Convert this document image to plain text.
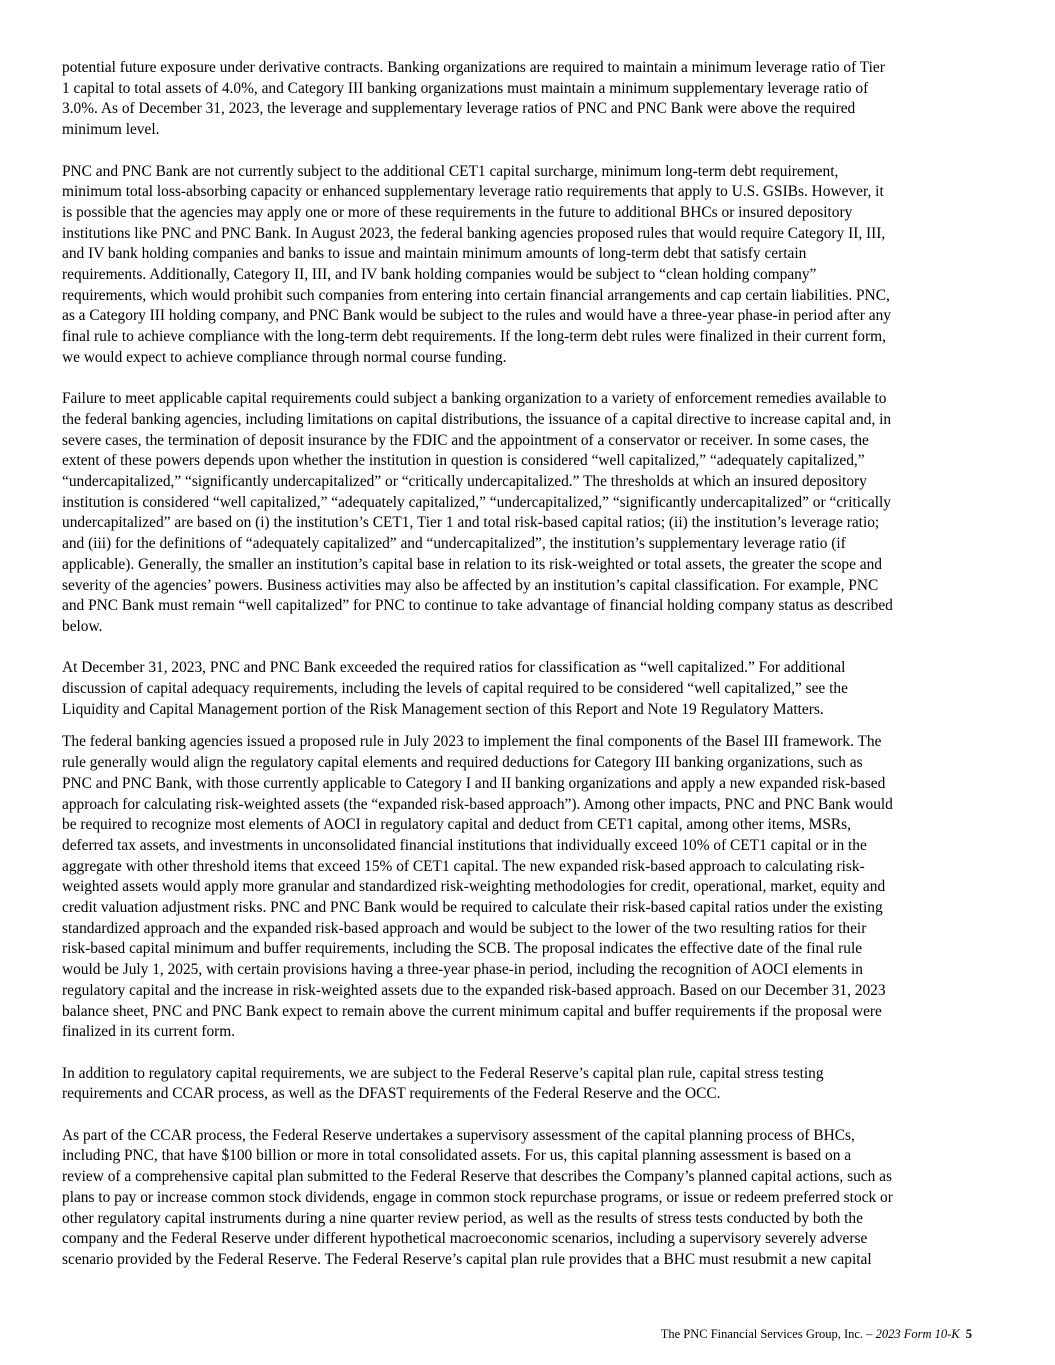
potential future exposure under derivative contracts. Banking organizations are required to maintain a minimum leverage ratio of Tier
1 capital to total assets of 4.0%, and Category III banking organizations must maintain a minimum supplementary leverage ratio of
3.0%. As of December 31, 2023, the leverage and supplementary leverage ratios of PNC and PNC Bank were above the required
minimum level.

PNC and PNC Bank are not currently subject to the additional CET1 capital surcharge, minimum long-term debt requirement,
minimum total loss-absorbing capacity or enhanced supplementary leverage ratio requirements that apply to U.S. GSIBs. However, it
is possible that the agencies may apply one or more of these requirements in the future to additional BHCs or insured depository
institutions like PNC and PNC Bank. In August 2023, the federal banking agencies proposed rules that would require Category II, III,
and IV bank holding companies and banks to issue and maintain minimum amounts of long-term debt that satisfy certain
requirements. Additionally, Category II, III, and IV bank holding companies would be subject to “clean holding company”
requirements, which would prohibit such companies from entering into certain financial arrangements and cap certain liabilities. PNC,
as a Category III holding company, and PNC Bank would be subject to the rules and would have a three-year phase-in period after any
final rule to achieve compliance with the long-term debt requirements. If the long-term debt rules were finalized in their current form,
we would expect to achieve compliance through normal course funding.

Failure to meet applicable capital requirements could subject a banking organization to a variety of enforcement remedies available to
the federal banking agencies, including limitations on capital distributions, the issuance of a capital directive to increase capital and, in
severe cases, the termination of deposit insurance by the FDIC and the appointment of a conservator or receiver. In some cases, the
extent of these powers depends upon whether the institution in question is considered “well capitalized,” “adequately capitalized,”
“undercapitalized,” “significantly undercapitalized” or “critically undercapitalized.” The thresholds at which an insured depository
institution is considered “well capitalized,” “adequately capitalized,” “undercapitalized,” “significantly undercapitalized” or “critically
undercapitalized” are based on (i) the institution’s CET1, Tier 1 and total risk-based capital ratios; (ii) the institution’s leverage ratio;
and (iii) for the definitions of “adequately capitalized” and “undercapitalized”, the institution’s supplementary leverage ratio (if
applicable). Generally, the smaller an institution’s capital base in relation to its risk-weighted or total assets, the greater the scope and
severity of the agencies’ powers. Business activities may also be affected by an institution’s capital classification. For example, PNC
and PNC Bank must remain “well capitalized” for PNC to continue to take advantage of financial holding company status as described
below.

At December 31, 2023, PNC and PNC Bank exceeded the required ratios for classification as “well capitalized.” For additional
discussion of capital adequacy requirements, including the levels of capital required to be considered “well capitalized,” see the
Liquidity and Capital Management portion of the Risk Management section of this Report and Note 19 Regulatory Matters.

The federal banking agencies issued a proposed rule in July 2023 to implement the final components of the Basel III framework. The
rule generally would align the regulatory capital elements and required deductions for Category III banking organizations, such as
PNC and PNC Bank, with those currently applicable to Category I and II banking organizations and apply a new expanded risk-based
approach for calculating risk-weighted assets (the “expanded risk-based approach”). Among other impacts, PNC and PNC Bank would
be required to recognize most elements of AOCI in regulatory capital and deduct from CET1 capital, among other items, MSRs,
deferred tax assets, and investments in unconsolidated financial institutions that individually exceed 10% of CET1 capital or in the
aggregate with other threshold items that exceed 15% of CET1 capital. The new expanded risk-based approach to calculating risk-
weighted assets would apply more granular and standardized risk-weighting methodologies for credit, operational, market, equity and
credit valuation adjustment risks. PNC and PNC Bank would be required to calculate their risk-based capital ratios under the existing
standardized approach and the expanded risk-based approach and would be subject to the lower of the two resulting ratios for their
risk-based capital minimum and buffer requirements, including the SCB. The proposal indicates the effective date of the final rule
would be July 1, 2025, with certain provisions having a three-year phase-in period, including the recognition of AOCI elements in
regulatory capital and the increase in risk-weighted assets due to the expanded risk-based approach. Based on our December 31, 2023
balance sheet, PNC and PNC Bank expect to remain above the current minimum capital and buffer requirements if the proposal were
finalized in its current form.

In addition to regulatory capital requirements, we are subject to the Federal Reserve’s capital plan rule, capital stress testing
requirements and CCAR process, as well as the DFAST requirements of the Federal Reserve and the OCC.

As part of the CCAR process, the Federal Reserve undertakes a supervisory assessment of the capital planning process of BHCs,
including PNC, that have $100 billion or more in total consolidated assets. For us, this capital planning assessment is based on a
review of a comprehensive capital plan submitted to the Federal Reserve that describes the Company’s planned capital actions, such as
plans to pay or increase common stock dividends, engage in common stock repurchase programs, or issue or redeem preferred stock or
other regulatory capital instruments during a nine quarter review period, as well as the results of stress tests conducted by both the
company and the Federal Reserve under different hypothetical macroeconomic scenarios, including a supervisory severely adverse
scenario provided by the Federal Reserve. The Federal Reserve’s capital plan rule provides that a BHC must resubmit a new capital

The PNC Financial Services Group, Inc. – 2023 Form 10-K 5
